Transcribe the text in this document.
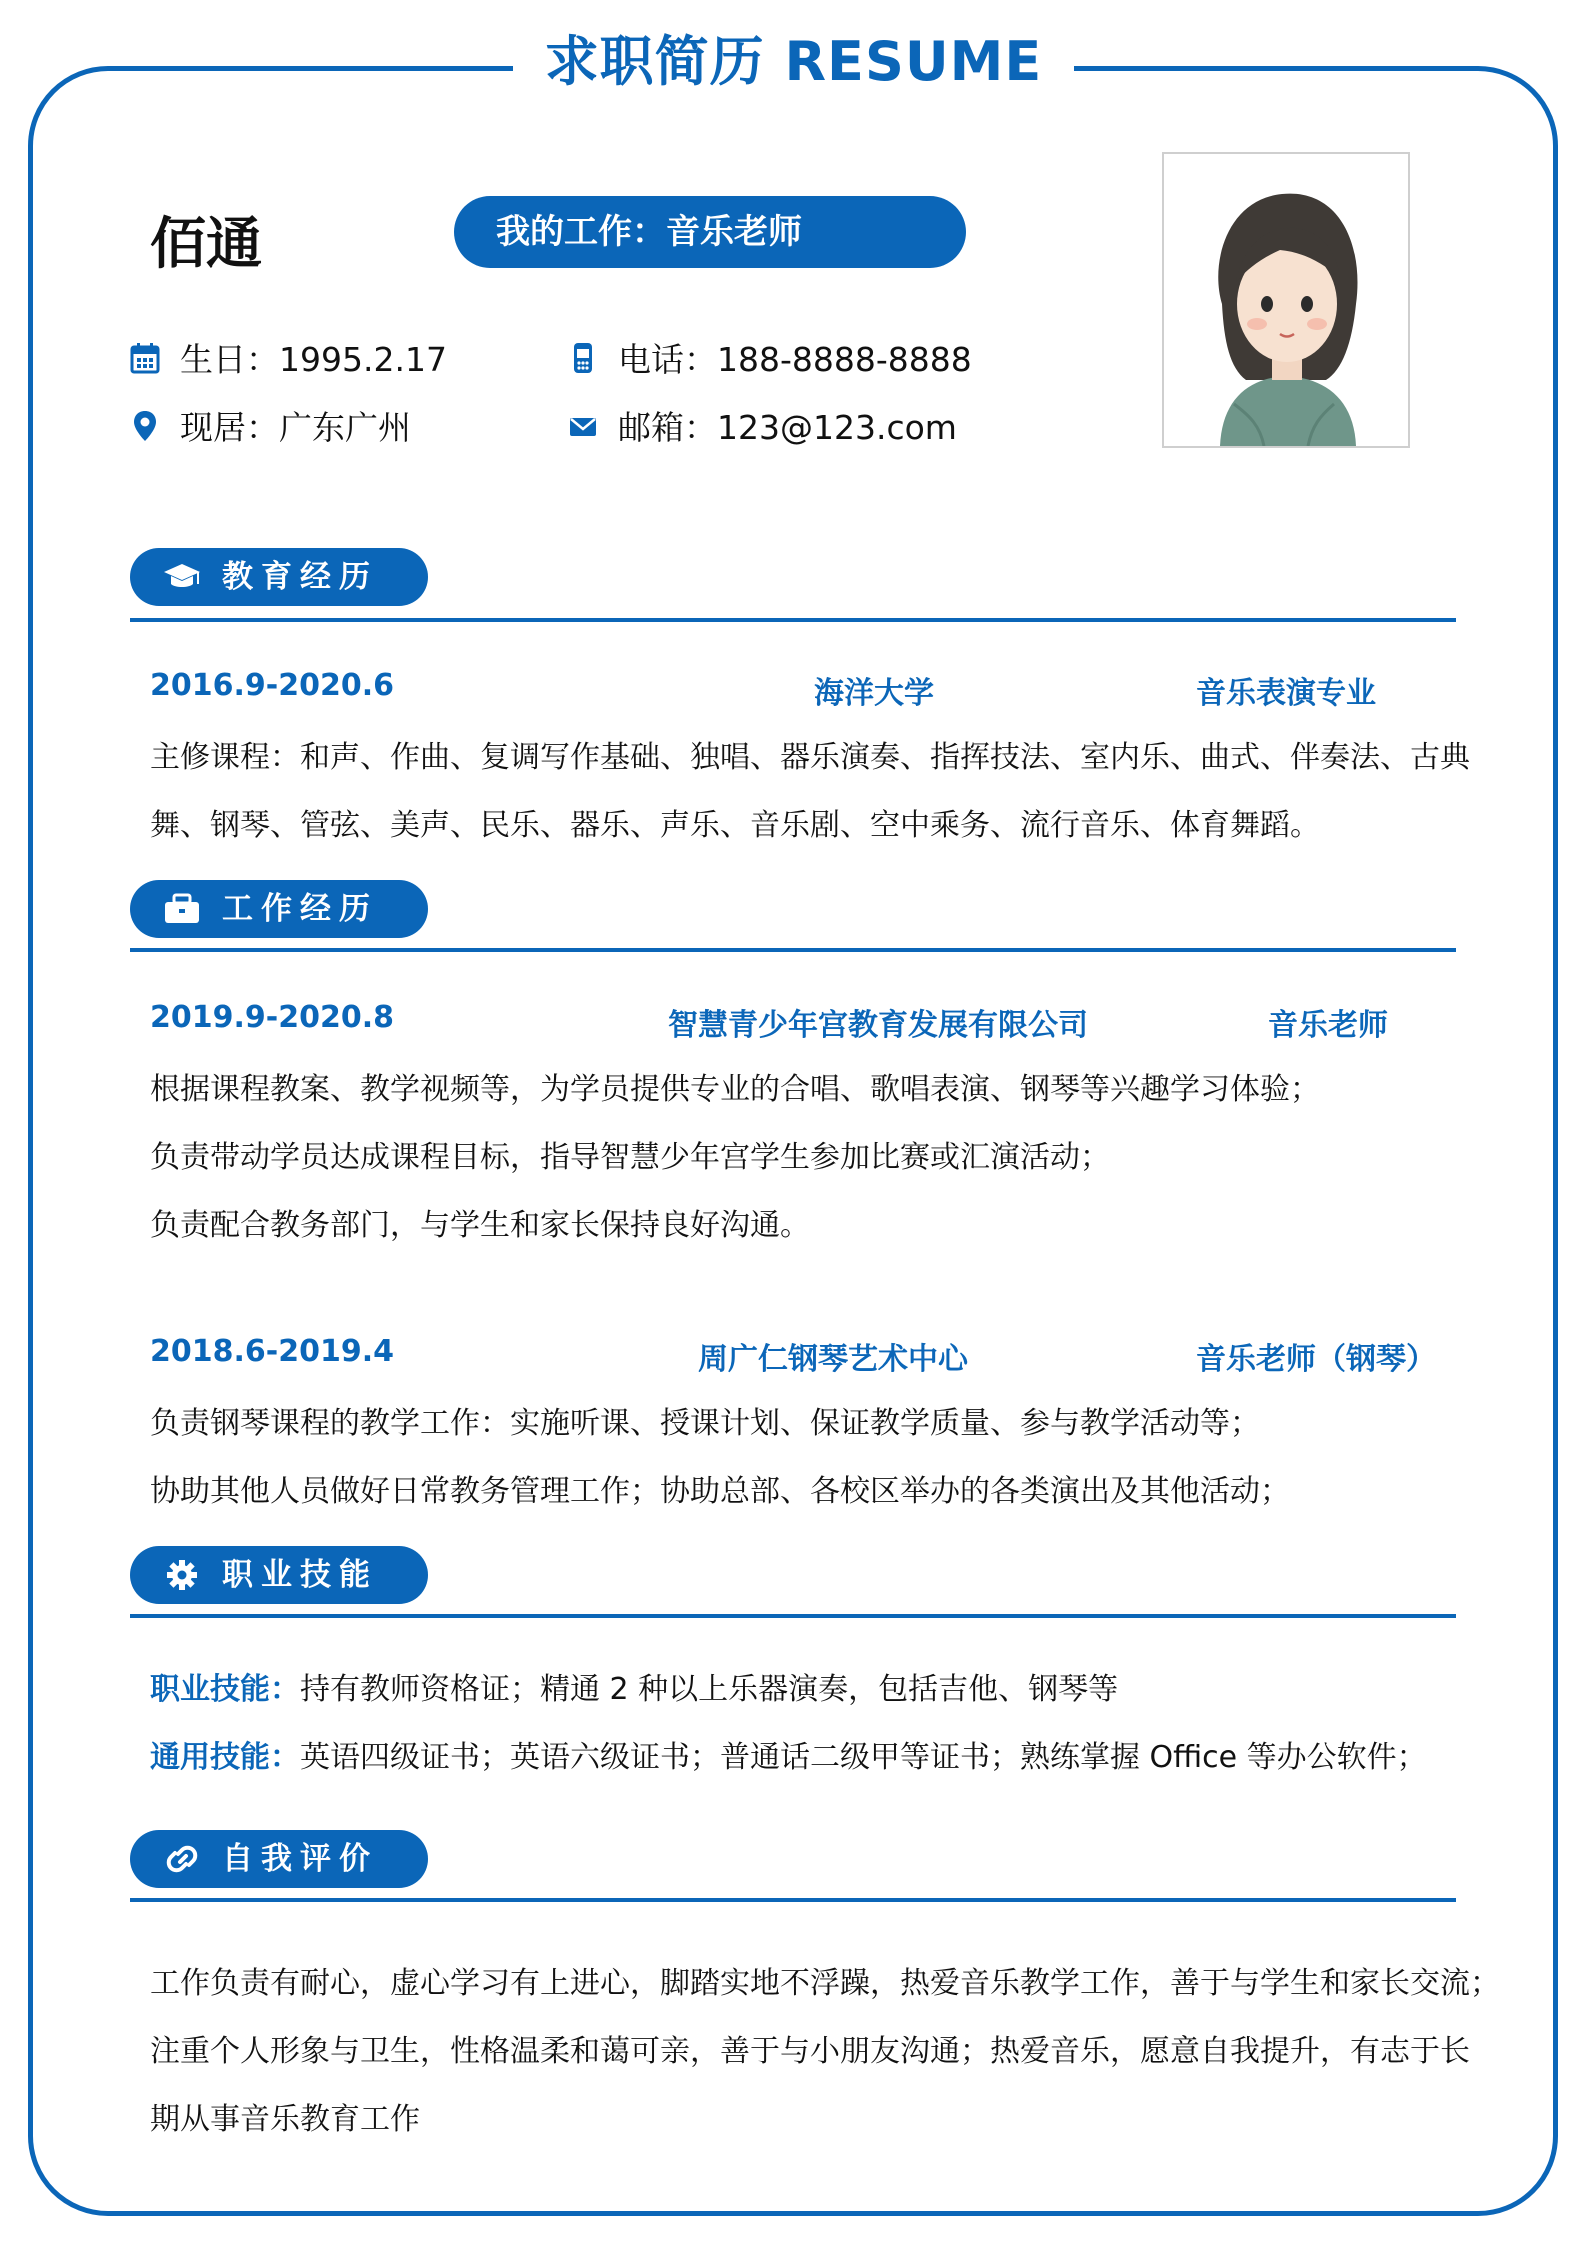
求职简历 RESUME
佰通	我的工作：音乐老师
生日：1995.2.17
现居：广东广州
电话：188-8888-8888
邮箱：123@123.com
教育经历
2016.9-2020.6	海洋大学	音乐表演专业
主修课程：和声、作曲、复调写作基础、独唱、器乐演奏、指挥技法、室内乐、曲式、伴奏法、古典
舞、钢琴、管弦、美声、民乐、器乐、声乐、音乐剧、空中乘务、流行音乐、体育舞蹈。
工作经历
2019.9-2020.8	智慧青少年宫教育发展有限公司	音乐老师
根据课程教案、教学视频等，为学员提供专业的合唱、歌唱表演、钢琴等兴趣学习体验；
负责带动学员达成课程目标，指导智慧少年宫学生参加比赛或汇演活动；
负责配合教务部门，与学生和家长保持良好沟通。
2018.6-2019.4	周广仁钢琴艺术中心	音乐老师（钢琴）
负责钢琴课程的教学工作：实施听课、授课计划、保证教学质量、参与教学活动等；
协助其他人员做好日常教务管理工作；协助总部、各校区举办的各类演出及其他活动；
职业技能
职业技能：持有教师资格证；精通 2 种以上乐器演奏，包括吉他、钢琴等
通用技能：英语四级证书；英语六级证书；普通话二级甲等证书；熟练掌握 Office 等办公软件；
自我评价
工作负责有耐心，虚心学习有上进心，脚踏实地不浮躁，热爱音乐教学工作，善于与学生和家长交流；
注重个人形象与卫生，性格温柔和蔼可亲，善于与小朋友沟通；热爱音乐，愿意自我提升，有志于长
期从事音乐教育工作
